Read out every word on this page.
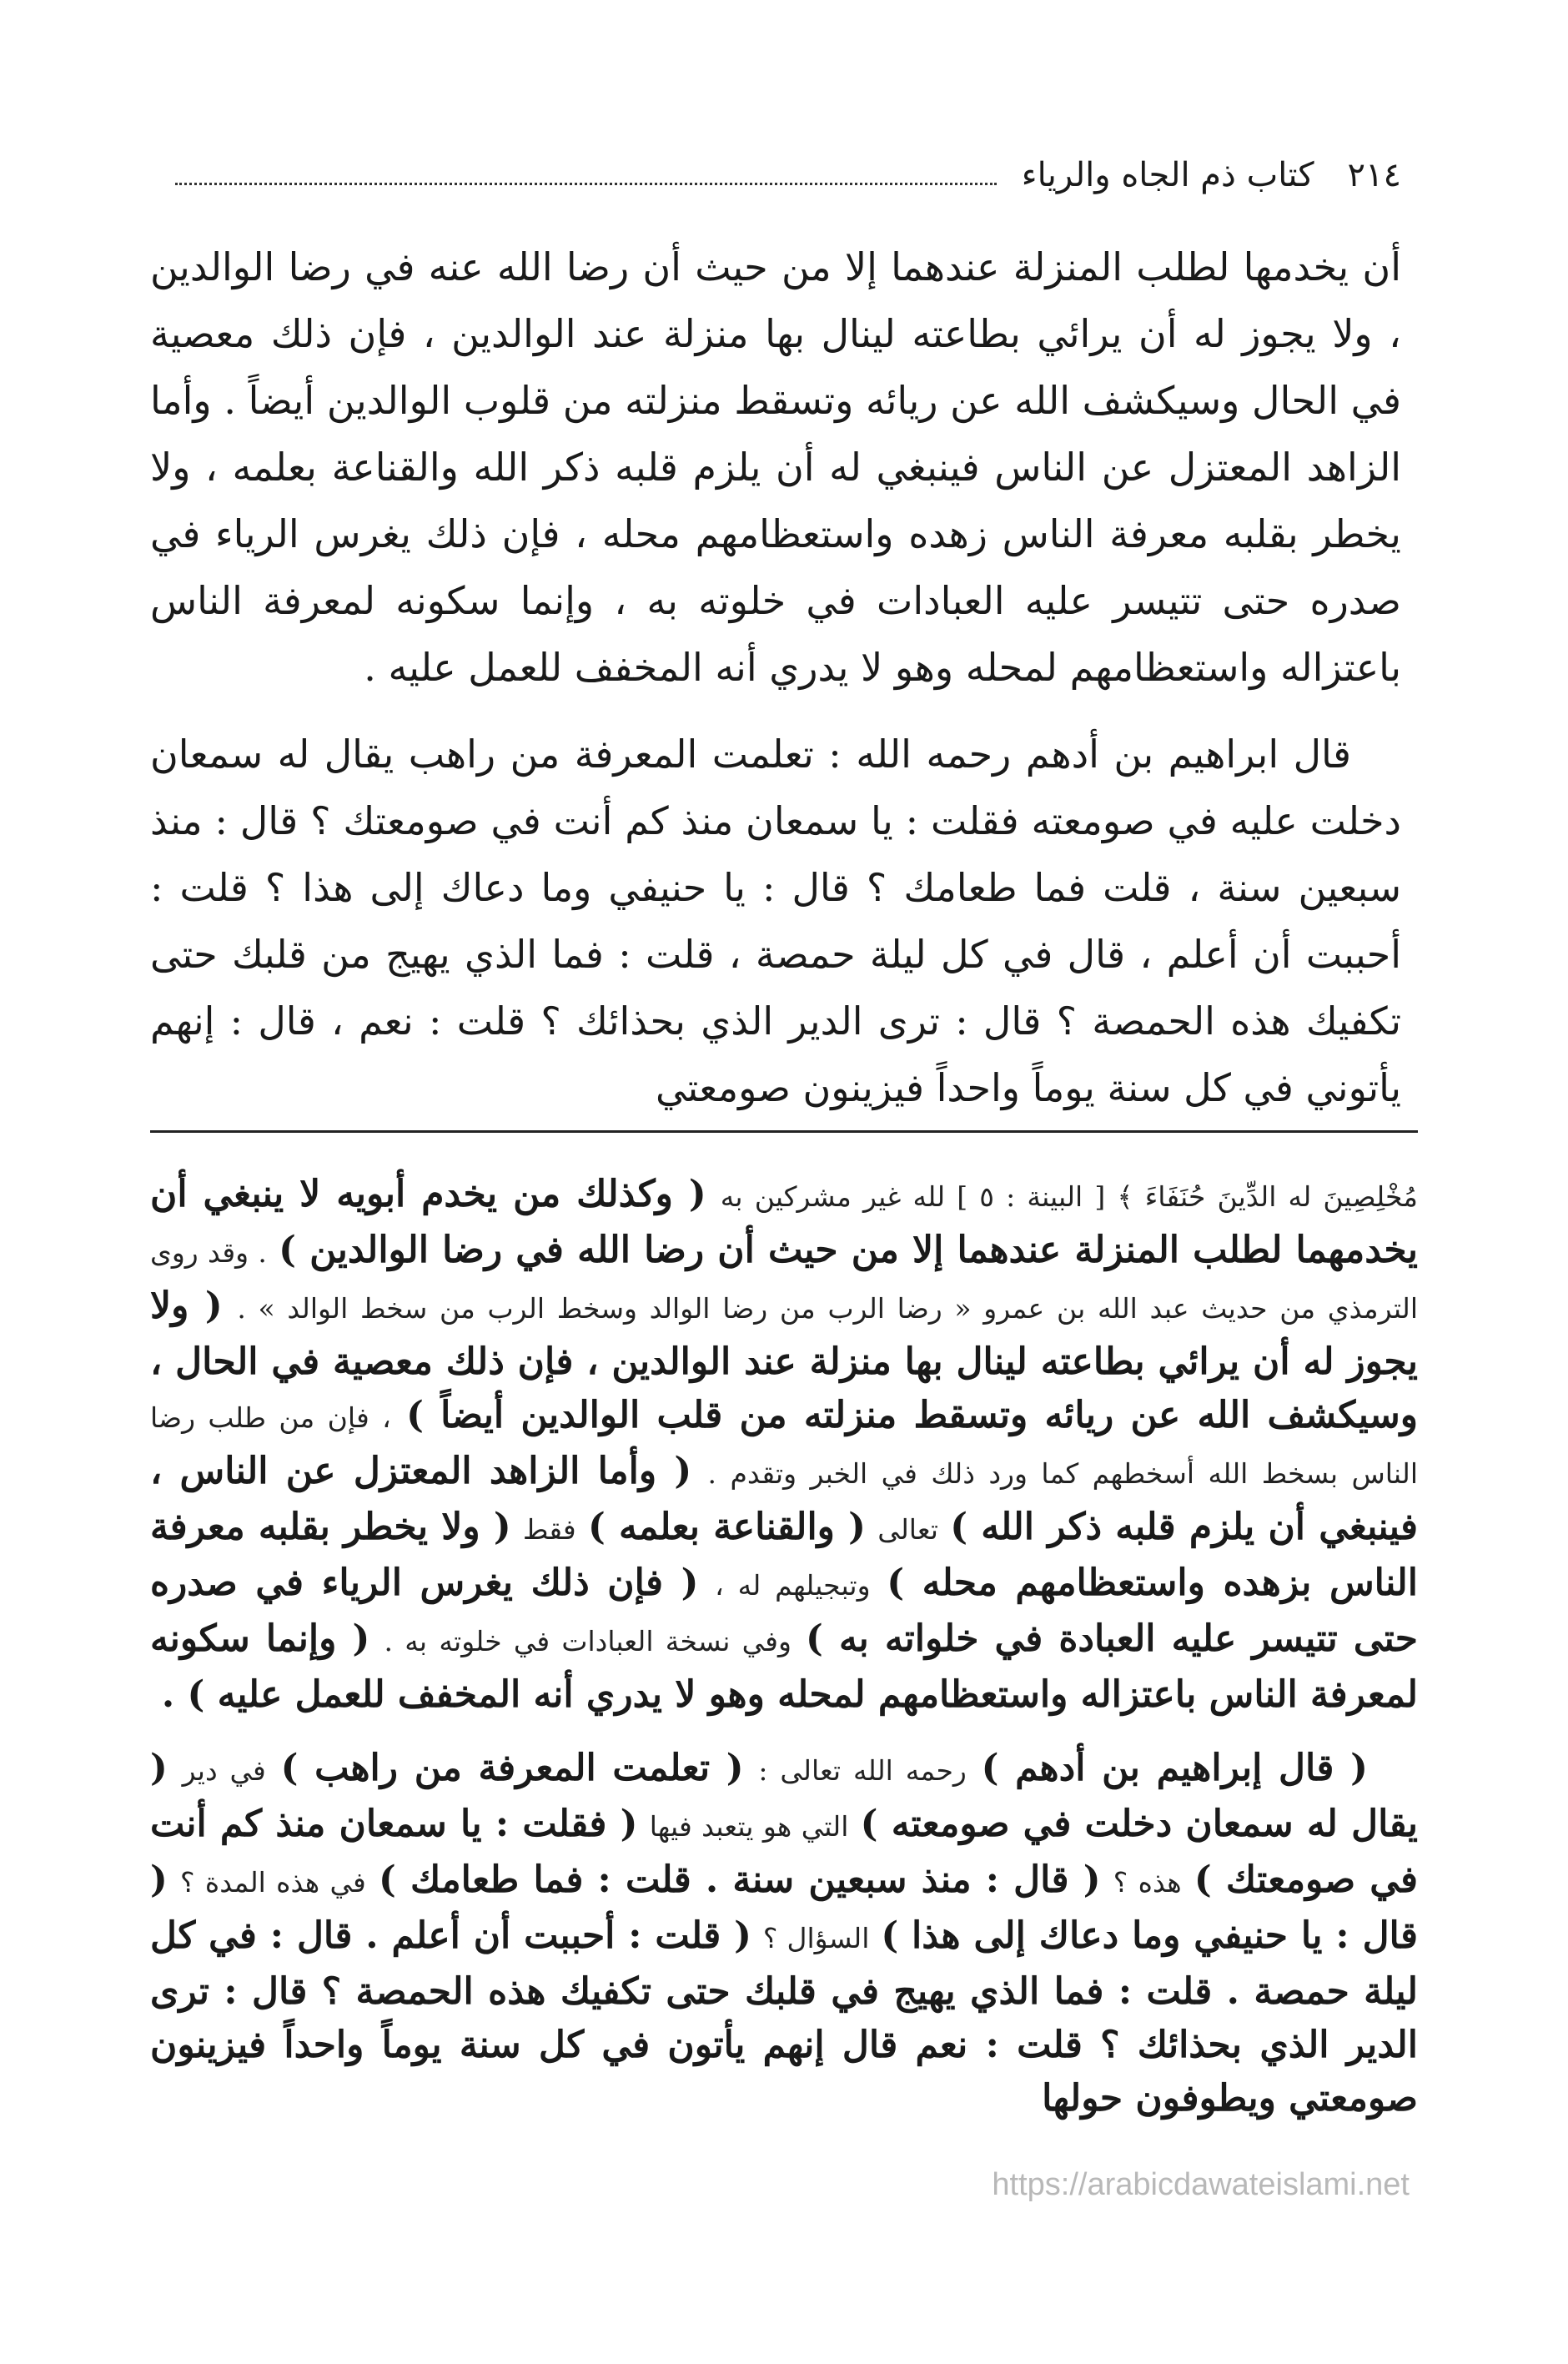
٢١٤
كتاب ذم الجاه والرياء

أن يخدمها لطلب المنزلة عندهما إلا من حيث أن رضا الله عنه في رضا الوالدين ، ولا يجوز له أن يرائي بطاعته لينال بها منزلة عند الوالدين ، فإن ذلك معصية في الحال وسيكشف الله عن ريائه وتسقط منزلته من قلوب الوالدين أيضاً . وأما الزاهد المعتزل عن الناس فينبغي له أن يلزم قلبه ذكر الله والقناعة بعلمه ، ولا يخطر بقلبه معرفة الناس زهده واستعظامهم محله ، فإن ذلك يغرس الرياء في صدره حتى تتيسر عليه العبادات في خلوته به ، وإنما سكونه لمعرفة الناس باعتزاله واستعظامهم لمحله وهو لا يدري أنه المخفف للعمل عليه .

قال ابراهيم بن أدهم رحمه الله : تعلمت المعرفة من راهب يقال له سمعان دخلت عليه في صومعته فقلت : يا سمعان منذ كم أنت في صومعتك ؟ قال : منذ سبعين سنة ، قلت فما طعامك ؟ قال : يا حنيفي وما دعاك إلى هذا ؟ قلت : أحببت أن أعلم ، قال في كل ليلة حمصة ، قلت : فما الذي يهيج من قلبك حتى تكفيك هذه الحمصة ؟ قال : ترى الدير الذي بحذائك ؟ قلت : نعم ، قال : إنهم يأتوني في كل سنة يوماً واحداً فيزينون صومعتي

مُخْلِصِينَ له الدِّينَ حُنَفَاءَ ﴾ [ البينة : ٥ ] لله غير مشركين به ( وكذلك من يخدم أبويه لا ينبغي أن يخدمهما لطلب المنزلة عندهما إلا من حيث أن رضا الله في رضا الوالدين ) . وقد روى الترمذي من حديث عبد الله بن عمرو « رضا الرب من رضا الوالد وسخط الرب من سخط الوالد » . ( ولا يجوز له أن يرائي بطاعته لينال بها منزلة عند الوالدين ، فإن ذلك معصية في الحال ، وسيكشف الله عن ريائه وتسقط منزلته من قلب الوالدين أيضاً ) ، فإن من طلب رضا الناس بسخط الله أسخطهم كما ورد ذلك في الخبر وتقدم . ( وأما الزاهد المعتزل عن الناس ، فينبغي أن يلزم قلبه ذكر الله ) تعالى ( والقناعة بعلمه ) فقط ( ولا يخطر بقلبه معرفة الناس بزهده واستعظامهم محله ) وتبجيلهم له ، ( فإن ذلك يغرس الرياء في صدره حتى تتيسر عليه العبادة في خلواته به ) وفي نسخة العبادات في خلوته به . ( وإنما سكونه لمعرفة الناس باعتزاله واستعظامهم لمحله وهو لا يدري أنه المخفف للعمل عليه ) .

( قال إبراهيم بن أدهم ) رحمه الله تعالى : ( تعلمت المعرفة من راهب ) في دير ( يقال له سمعان دخلت في صومعته ) التي هو يتعبد فيها ( فقلت : يا سمعان منذ كم أنت في صومعتك ) هذه ؟ ( قال : منذ سبعين سنة . قلت : فما طعامك ) في هذه المدة ؟ ( قال : يا حنيفي وما دعاك إلى هذا ) السؤال ؟ ( قلت : أحببت أن أعلم . قال : في كل ليلة حمصة . قلت : فما الذي يهيج في قلبك حتى تكفيك هذه الحمصة ؟ قال : ترى الدير الذي بحذائك ؟ قلت : نعم قال إنهم يأتون في كل سنة يوماً واحداً فيزينون صومعتي ويطوفون حولها

https://arabicdawateislami.net
